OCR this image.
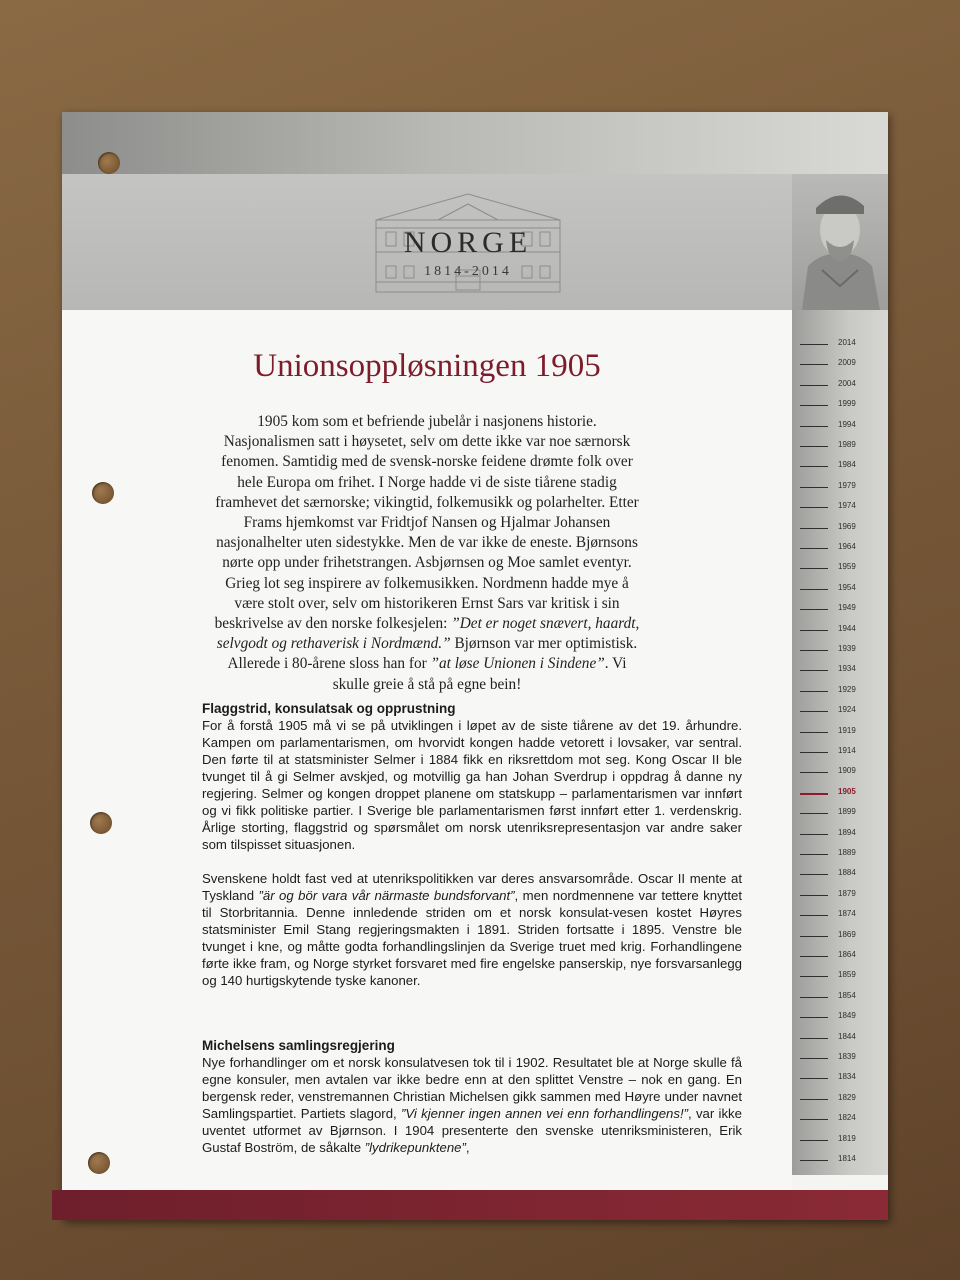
NORGE
1814-2014
Unionsoppløsningen 1905
1905 kom som et befriende jubelår i nasjonens historie. Nasjonalismen satt i høysetet, selv om dette ikke var noe særnorsk fenomen. Samtidig med de svensk-norske feidene drømte folk over hele Europa om frihet. I Norge hadde vi de siste tiårene stadig framhevet det særnorske; vikingtid, folkemusikk og polarhelter. Etter Frams hjemkomst var Fridtjof Nansen og Hjalmar Johansen nasjonalhelter uten sidestykke. Men de var ikke de eneste. Bjørnsons nørte opp under frihetstrangen. Asbjørnsen og Moe samlet eventyr. Grieg lot seg inspirere av folkemusikken. Nordmenn hadde mye å være stolt over, selv om historikeren Ernst Sars var kritisk i sin beskrivelse av den norske folkesjelen: ”Det er noget snævert, haardt, selvgodt og rethaverisk i Nordmænd.” Bjørnson var mer optimistisk. Allerede i 80-årene sloss han for ”at løse Unionen i Sindene”. Vi skulle greie å stå på egne bein!
Flaggstrid, konsulatsak og opprustning

For å forstå 1905 må vi se på utviklingen i løpet av de siste tiårene av det 19. århundre. Kampen om parlamentarismen, om hvorvidt kongen hadde vetorett i lovsaker, var sentral. Den førte til at statsminister Selmer i 1884 fikk en riksrettdom mot seg. Kong Oscar II ble tvunget til å gi Selmer avskjed, og motvillig ga han Johan Sverdrup i oppdrag å danne ny regjering. Selmer og kongen droppet planene om statskupp – parlamentarismen var innført og vi fikk politiske partier. I Sverige ble parlamentarismen først innført etter 1. verdenskrig. Årlige storting, flaggstrid og spørsmålet om norsk utenriksrepresentasjon var andre saker som tilspisset situasjonen.

Svenskene holdt fast ved at utenrikspolitikken var deres ansvarsområde. Oscar II mente at Tyskland ”är og bör vara vår närmaste bundsforvant”, men nordmennene var tettere knyttet til Storbritannia. Denne innledende striden om et norsk konsulat-vesen kostet Høyres statsminister Emil Stang regjeringsmakten i 1891. Striden fortsatte i 1895. Venstre ble tvunget i kne, og måtte godta forhandlingslinjen da Sverige truet med krig. Forhandlingene førte ikke fram, og Norge styrket forsvaret med fire engelske panserskip, nye forsvarsanlegg og 140 hurtigskytende tyske kanoner.

Michelsens samlingsregjering

Nye forhandlinger om et norsk konsulatvesen tok til i 1902. Resultatet ble at Norge skulle få egne konsuler, men avtalen var ikke bedre enn at den splittet Venstre – nok en gang. En bergensk reder, venstremannen Christian Michelsen gikk sammen med Høyre under navnet Samlingspartiet. Partiets slagord, ”Vi kjenner ingen annen vei enn forhandlingens!”, var ikke uventet utformet av Bjørnson. I 1904 presenterte den svenske utenriksministeren, Erik Gustaf Boström, de såkalte ”lydrikepunktene”,

2014
2009
2004
1999
1994
1989
1984
1979
1974
1969
1964
1959
1954
1949
1944
1939
1934
1929
1924
1919
1914
1909
1905
1899
1894
1889
1884
1879
1874
1869
1864
1859
1854
1849
1844
1839
1834
1829
1824
1819
1814
